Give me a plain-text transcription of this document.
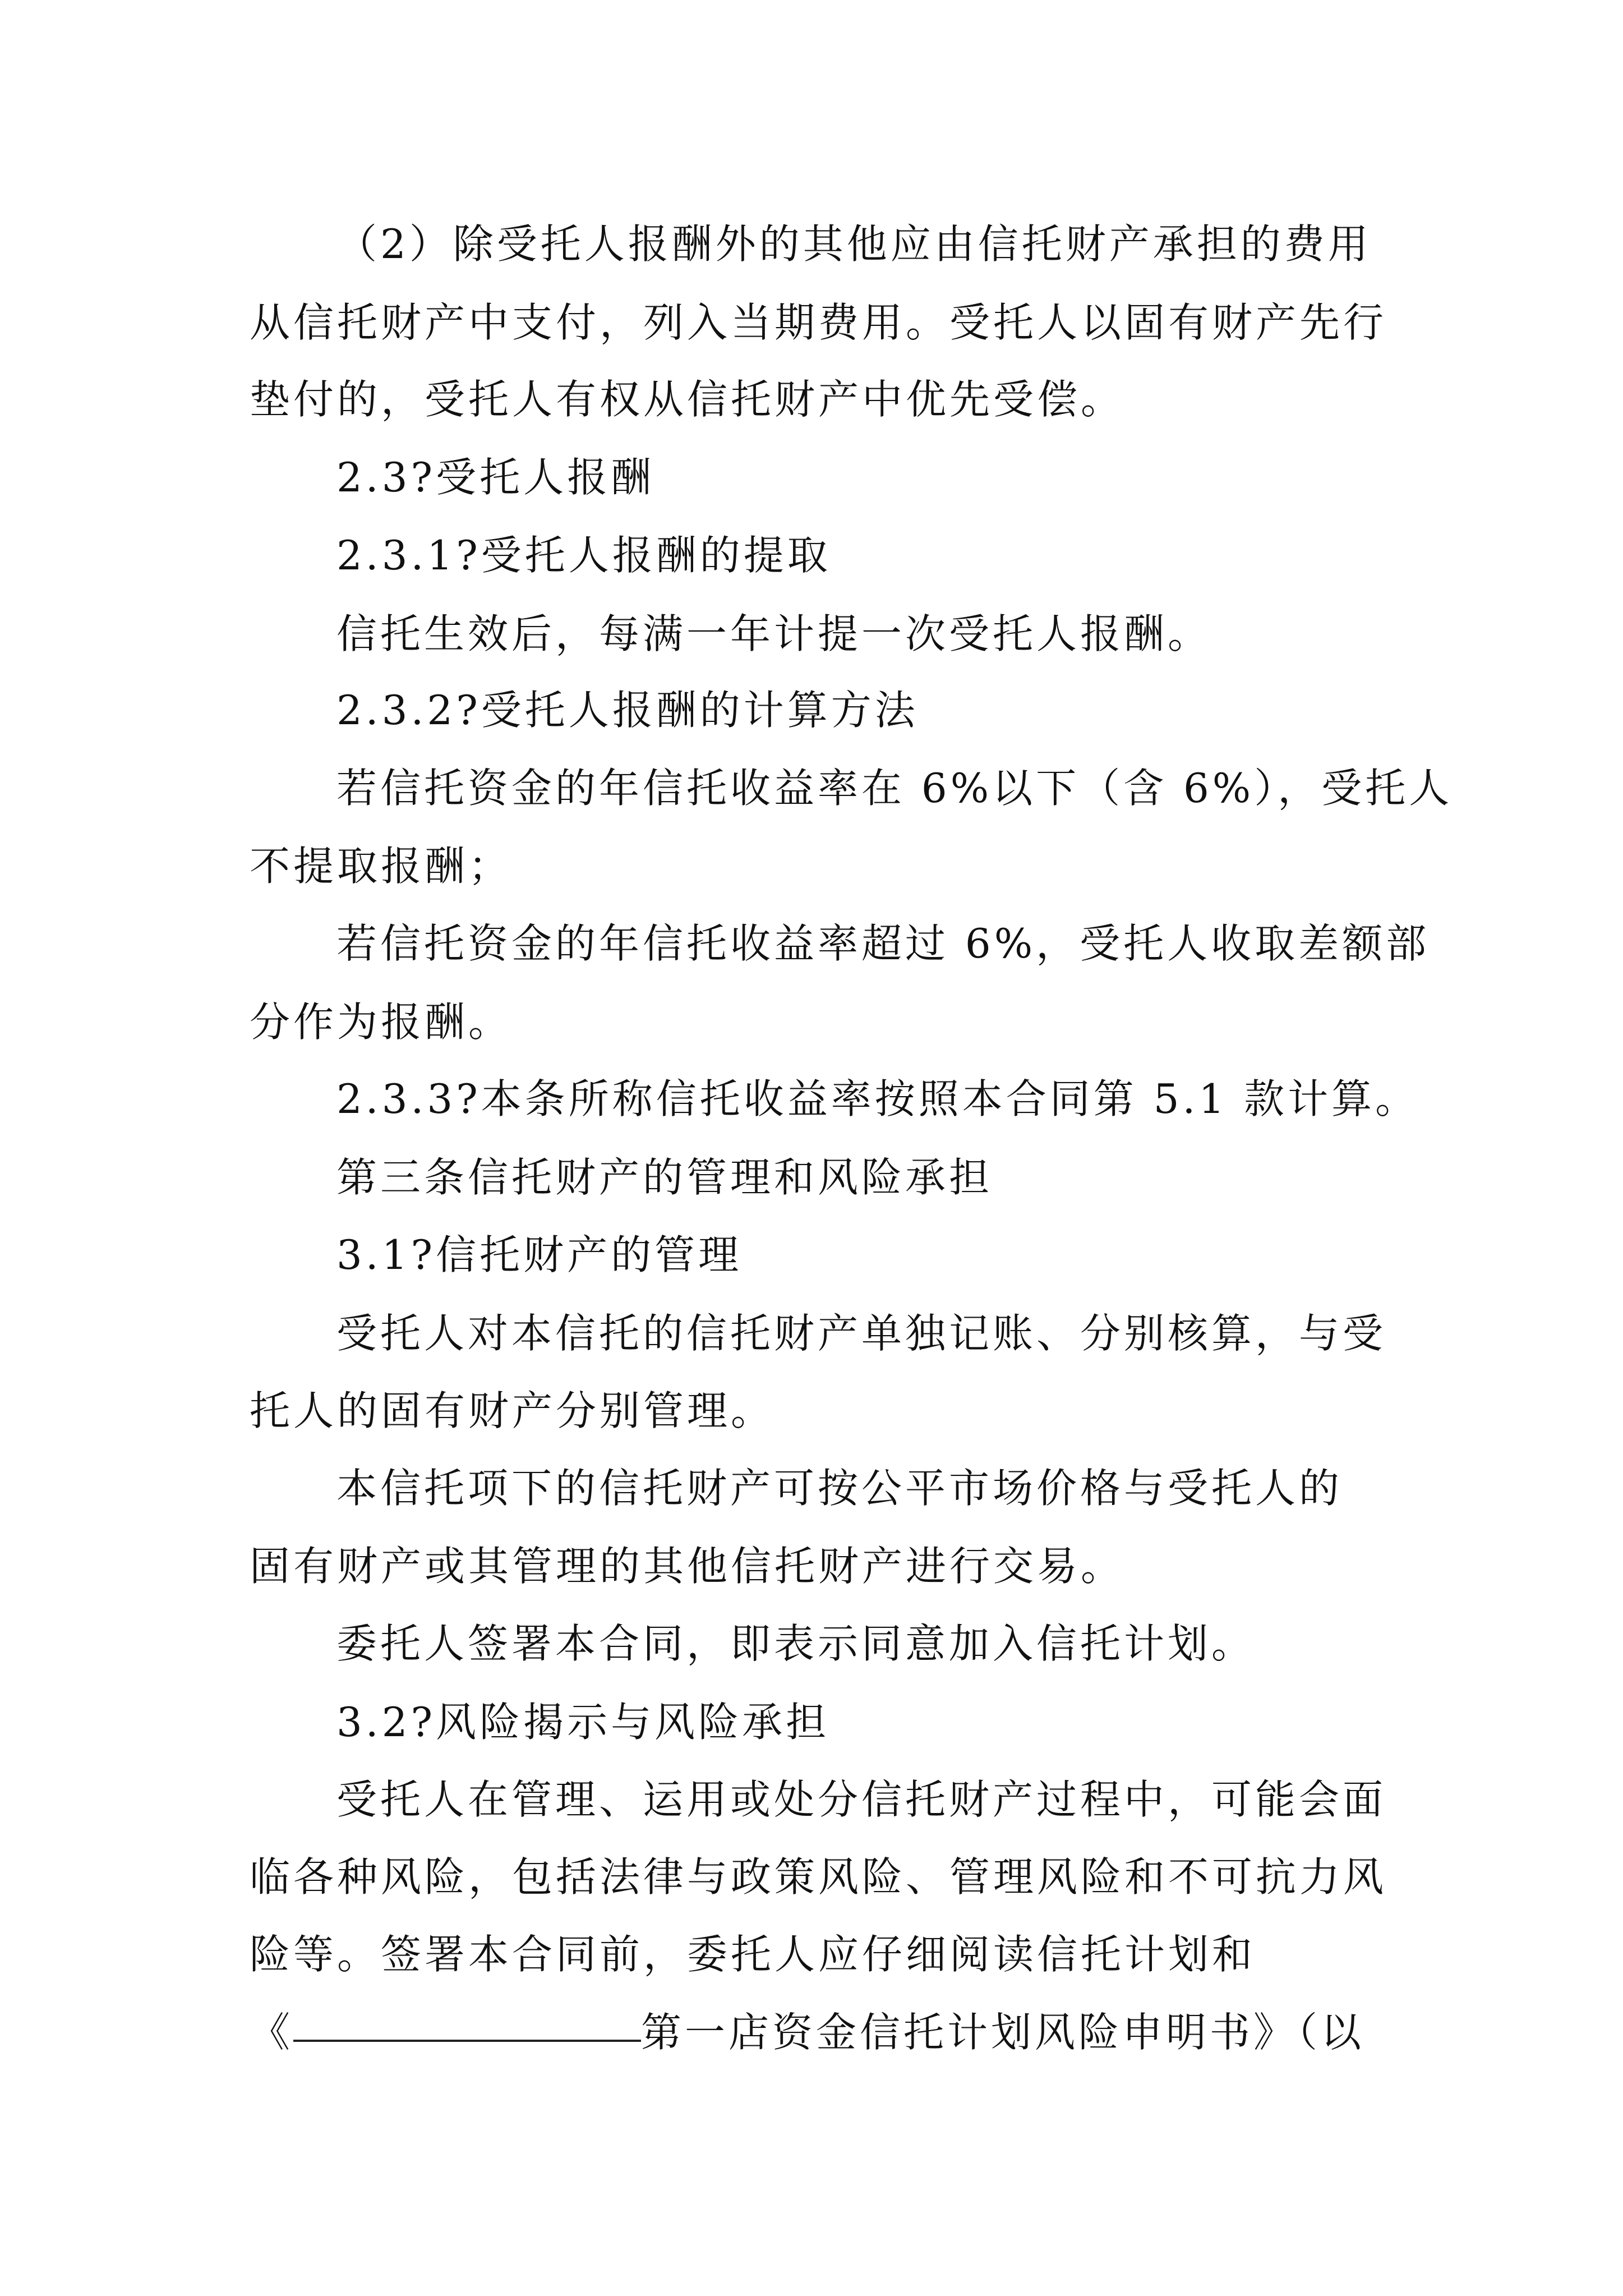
（2）除受托人报酬外的其他应由信托财产承担的费用
从信托财产中支付，列入当期费用。受托人以固有财产先行
垫付的，受托人有权从信托财产中优先受偿。
2.3?受托人报酬
2.3.1?受托人报酬的提取
信托生效后，每满一年计提一次受托人报酬。
2.3.2?受托人报酬的计算方法
若信托资金的年信托收益率在 6%以下（含 6%），受托人
不提取报酬；
若信托资金的年信托收益率超过 6%，受托人收取差额部
分作为报酬。
2.3.3?本条所称信托收益率按照本合同第 5.1 款计算。
第三条信托财产的管理和风险承担
3.1?信托财产的管理
受托人对本信托的信托财产单独记账、分别核算，与受
托人的固有财产分别管理。
本信托项下的信托财产可按公平市场价格与受托人的
固有财产或其管理的其他信托财产进行交易。
委托人签署本合同，即表示同意加入信托计划。
3.2?风险揭示与风险承担
受托人在管理、运用或处分信托财产过程中，可能会面
临各种风险，包括法律与政策风险、管理风险和不可抗力风
险等。签署本合同前，委托人应仔细阅读信托计划和
《	第一店资金信托计划风险申明书》（以
